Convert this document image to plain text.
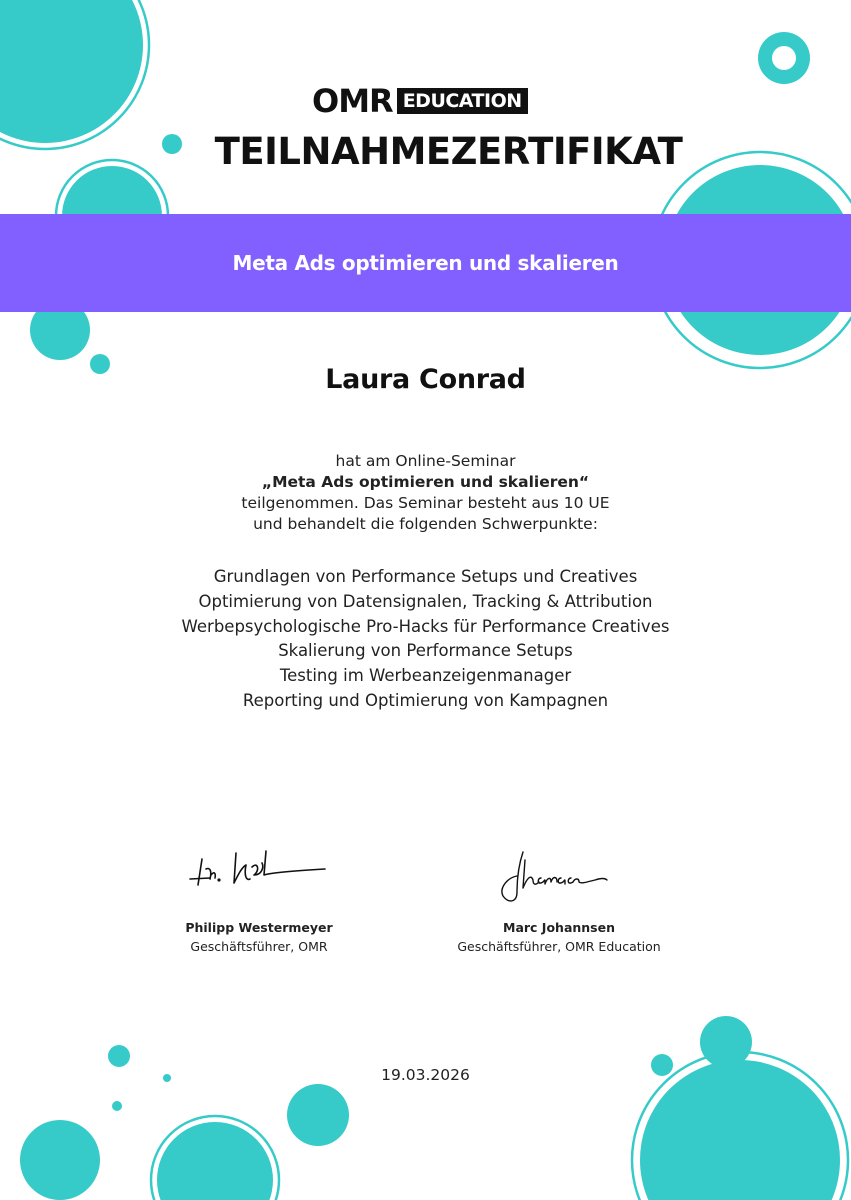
OMR EDUCATION
TEILNAHMEZERTIFIKAT
Meta Ads optimieren und skalieren
Laura Conrad
hat am Online-Seminar
„Meta Ads optimieren und skalieren“
teilgenommen. Das Seminar besteht aus 10 UE
und behandelt die folgenden Schwerpunkte:
Grundlagen von Performance Setups und Creatives
Optimierung von Datensignalen, Tracking & Attribution
Werbepsychologische Pro-Hacks für Performance Creatives
Skalierung von Performance Setups
Testing im Werbeanzeigenmanager
Reporting und Optimierung von Kampagnen
Philipp Westermeyer
Geschäftsführer, OMR
Marc Johannsen
Geschäftsführer, OMR Education
19.03.2026
